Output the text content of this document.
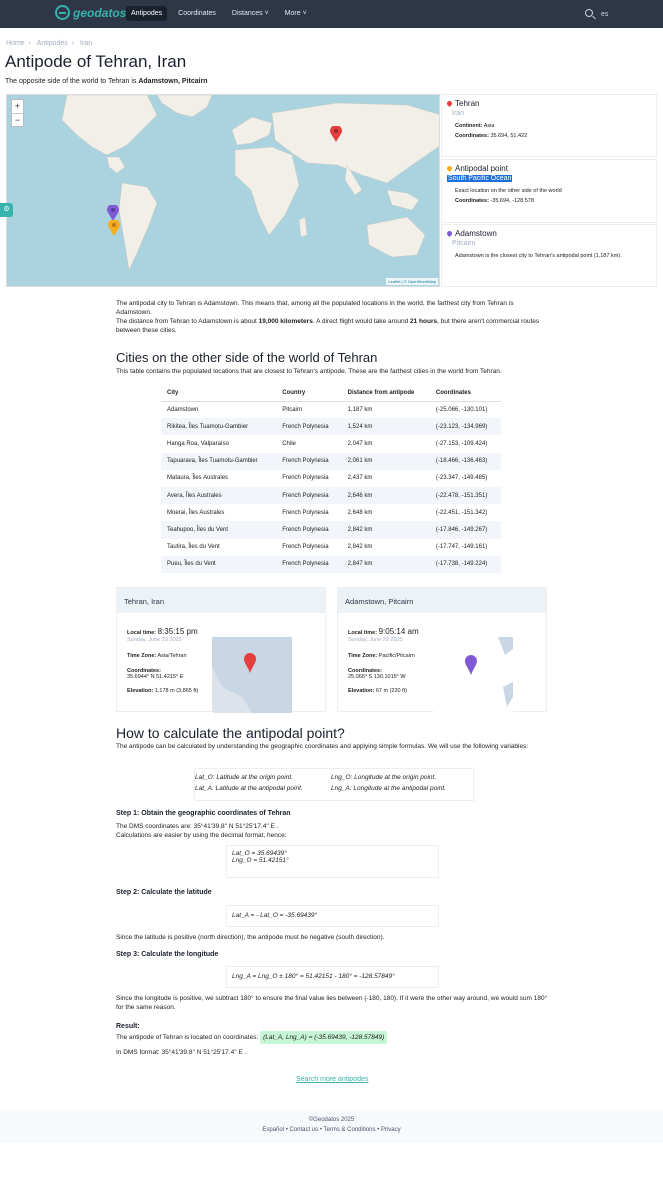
geodatos Antipodes	Coordinates	Distances ˅	More ˅	es
Home › Antipodes › Iran
Antipode of Tehran, Iran
The opposite side of the world to Tehran is Adamstown, Pitcairn
+
−
Leaflet | © OpenStreetMap
⚙
Tehran
Iran

Continent: Asia

Coordinates: 35.694, 51.422

Antipodal point
South Pacific Ocean

Exact location on the other side of the world

Coordinates: -35.694, -128.578

Adamstown
Pitcairn

Adamstown is the closest city to Tehran's antipodal point (1,187 km).

The antipodal city to Tehran is Adamstown. This means that, among all the populated locations in the world, the farthest city from Tehran is Adamstown.
The distance from Tehran to Adamstown is about 19,000 kilometers. A direct flight would take around 21 hours, but there aren't commercial routes between these cities.
Cities on the other side of the world of Tehran
This table contains the populated locations that are closest to Tehran's antipode. These are the farthest cities in the world from Tehran.
City	Country	Distance from antipode	Coordinates
Adamstown	Pitcairn	1,187 km	(-25.066, -130.101)
Rikitea, Îles Tuamotu-Gambier	French Polynesia	1,524 km	(-23.123, -134.969)
Hanga Roa, Valparaíso	Chile	2,047 km	(-27.153, -109.424)
Tapuarava, Îles Tuamotu-Gambier	French Polynesia	2,061 km	(-18.466, -136.463)
Mataura, Îles Australes	French Polynesia	2,437 km	(-23.347, -149.485)
Avera, Îles Australes	French Polynesia	2,646 km	(-22.478, -151.351)
Moerai, Îles Australes	French Polynesia	2,648 km	(-22.451, -151.342)
Teahupoo, Îles du Vent	French Polynesia	2,842 km	(-17.846, -149.267)
Tautira, Îles du Vent	French Polynesia	2,842 km	(-17.747, -149.161)
Pueu, Îles du Vent	French Polynesia	2,847 km	(-17.738, -149.224)
Tehran, Iran
Local time: 8:35:15 pm
Sunday, June 29 2025
Time Zone: Asia/Tehran
Coordinates:
35.6944° N 51.4215° E
Elevation: 1,178 m (3,865 ft)
Adamstown, Pitcairn
Local time: 9:05:14 am
Sunday, June 29 2025
Time Zone: Pacific/Pitcairn
Coordinates:
25.066° S 130.1015° W
Elevation: 67 m (220 ft)
How to calculate the antipodal point?
The antipode can be calculated by understanding the geographic coordinates and applying simple formulas. We will use the following variables:
Lat_O: Latitude at the origin point.	Lng_O: Longitude at the origin point.
Lat_A: Latitude at the antipodal point.	Lng_A: Longitude at the antipodal point.
Step 1: Obtain the geographic coordinates of Tehran
The DMS coordinates are: 35°41'39.8'' N 51°25'17.4'' E .
Calculations are easier by using the decimal format, hence:
Lat_O = 35.69439°
Lng_O = 51.42151°
Step 2: Calculate the latitude
Lat_A = - Lat_O = -35.69439°
Since the latitude is positive (north direction), the antipode must be negative (south direction).
Step 3: Calculate the longitude
Lng_A = Lng_O ± 180° = 51.42151 - 180° = -128.57849°
Since the longitude is positive, we subtract 180° to ensure the final value lies between (-180, 180). If it were the other way around, we would sum 180° for the same reason.
Result:
The antipode of Tehran is located on coordinates: (Lat_A, Lng_A) = (-35.69439, -128.57849)
In DMS format: 35°41'39.8'' N 51°25'17.4'' E .
Search more antipodes
©Geodatos 2025
Español • Contact us • Terms & Conditions • Privacy
